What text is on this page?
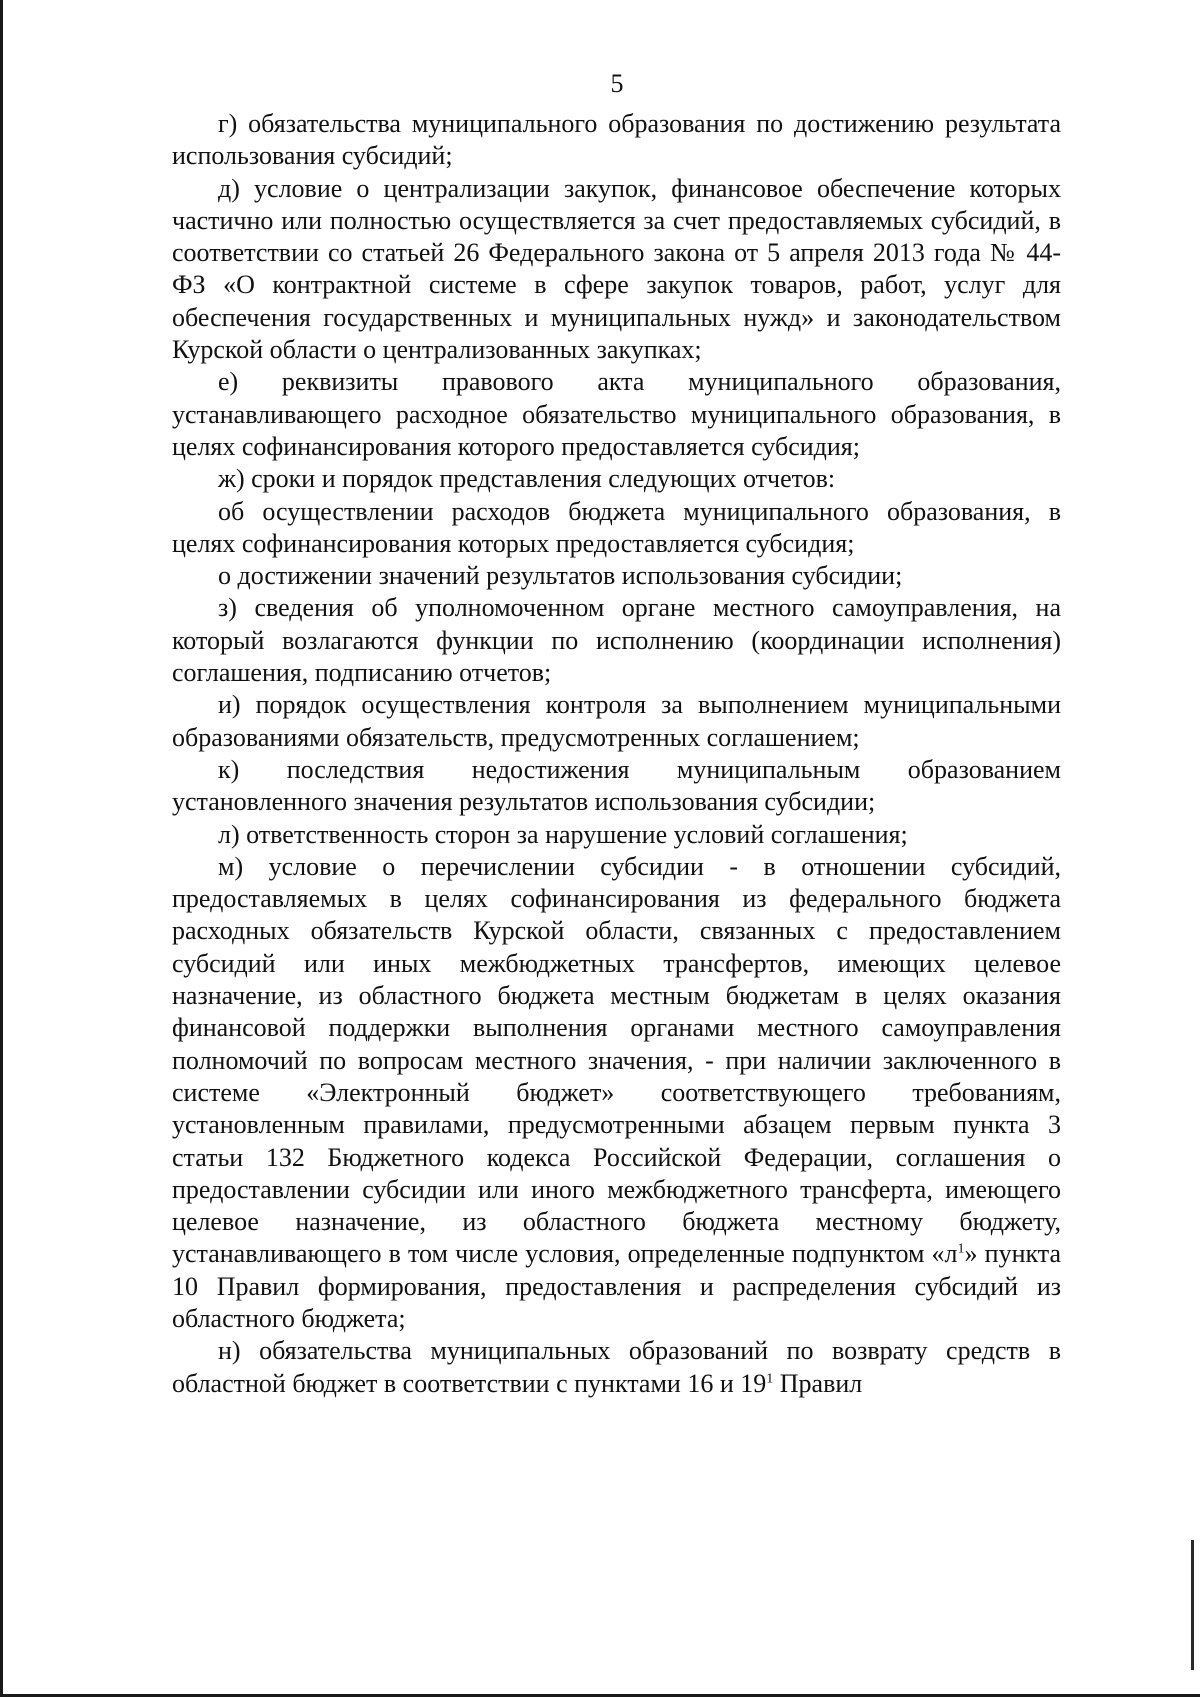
5

г) обязательства муниципального образования по достижению результата использования субсидий;

д) условие о централизации закупок, финансовое обеспечение которых частично или полностью осуществляется за счет предоставляемых субсидий, в соответствии со статьей 26 Федерального закона от 5 апреля 2013 года № 44-ФЗ «О контрактной системе в сфере закупок товаров, работ, услуг для обеспечения государственных и муниципальных нужд» и законодательством Курской области о централизованных закупках;

е) реквизиты правового акта муниципального образования, устанавливающего расходное обязательство муниципального образования, в целях софинансирования которого предоставляется субсидия;

ж) сроки и порядок представления следующих отчетов:

об осуществлении расходов бюджета муниципального образования, в целях софинансирования которых предоставляется субсидия;

о достижении значений результатов использования субсидии;

з) сведения об уполномоченном органе местного самоуправления, на который возлагаются функции по исполнению (координации исполнения) соглашения, подписанию отчетов;

и) порядок осуществления контроля за выполнением муниципальными образованиями обязательств, предусмотренных соглашением;

к) последствия недостижения муниципальным образованием установленного значения результатов использования субсидии;

л) ответственность сторон за нарушение условий соглашения;

м) условие о перечислении субсидии - в отношении субсидий, предоставляемых в целях софинансирования из федерального бюджета расходных обязательств Курской области, связанных с предоставлением субсидий или иных межбюджетных трансфертов, имеющих целевое назначение, из областного бюджета местным бюджетам в целях оказания финансовой поддержки выполнения органами местного самоуправления полномочий по вопросам местного значения, - при наличии заключенного в системе «Электронный бюджет» соответствующего требованиям, установленным правилами, предусмотренными абзацем первым пункта 3 статьи 132 Бюджетного кодекса Российской Федерации, соглашения о предоставлении субсидии или иного межбюджетного трансферта, имеющего целевое назначение, из областного бюджета местному бюджету, устанавливающего в том числе условия, определенные подпунктом «$л^1$» пункта 10 Правил формирования, предоставления и распределения субсидий из областного бюджета;

н) обязательства муниципальных образований по возврату средств в областной бюджет в соответствии с пунктами 16 и $19^1$ Правил
